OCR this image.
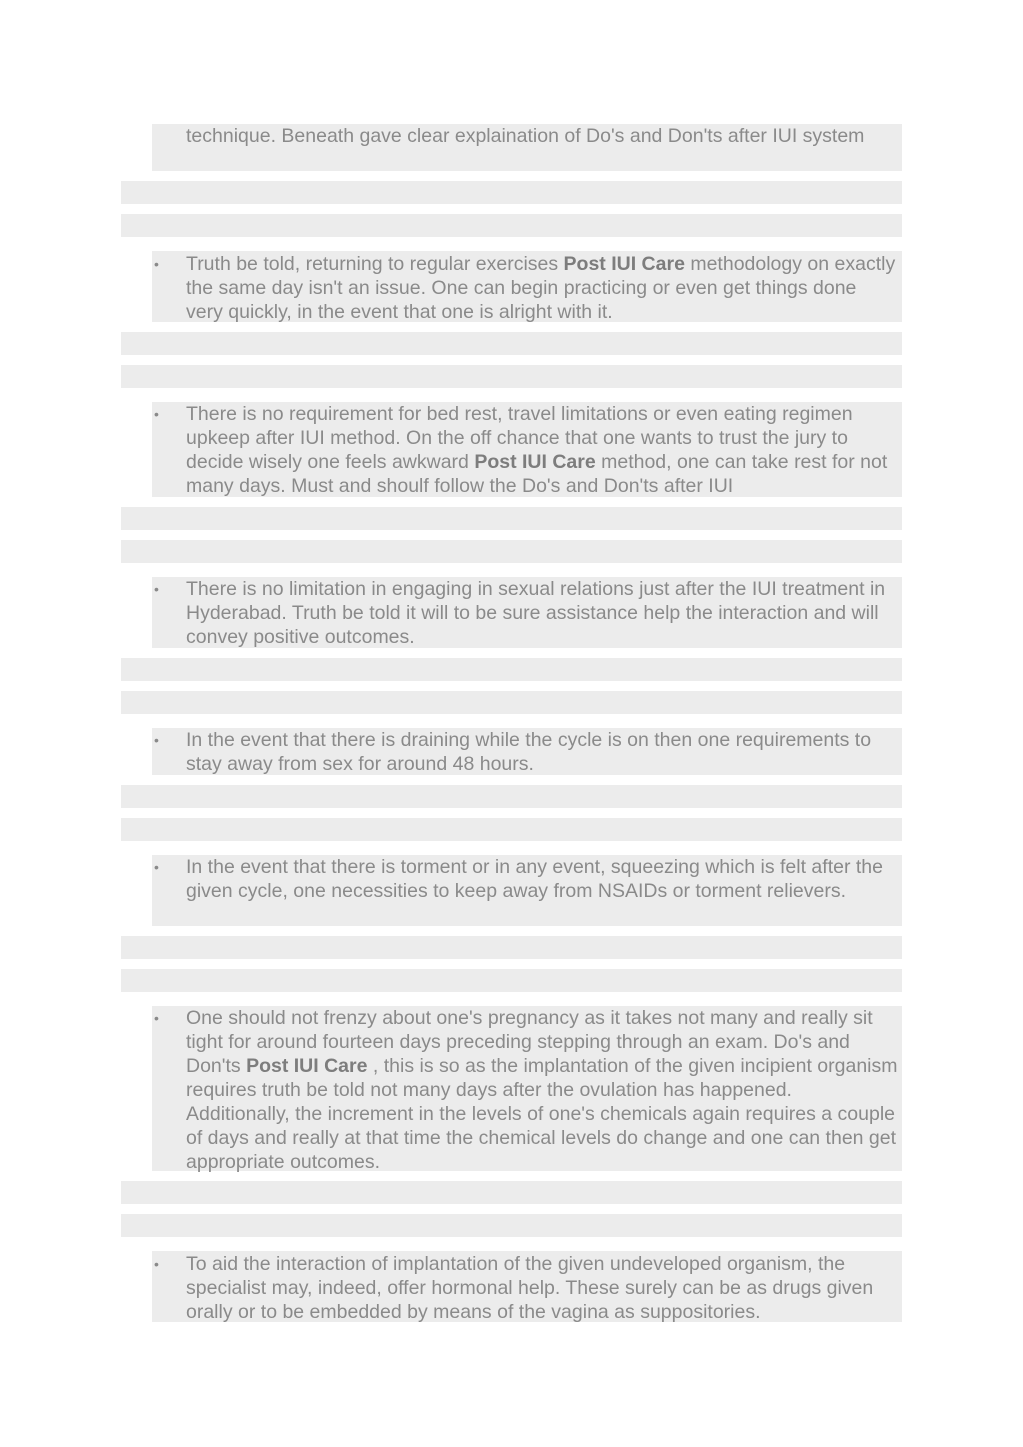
technique. Beneath gave clear explaination of Do's and Don'ts after IUI system

• Truth be told, returning to regular exercises Post IUI Care methodology on exactly the same day isn't an issue. One can begin practicing or even get things done very quickly, in the event that one is alright with it.

• There is no requirement for bed rest, travel limitations or even eating regimen upkeep after IUI method. On the off chance that one wants to trust the jury to decide wisely one feels awkward Post IUI Care method, one can take rest for not many days. Must and shoulf follow the Do's and Don'ts after IUI

• There is no limitation in engaging in sexual relations just after the IUI treatment in Hyderabad. Truth be told it will to be sure assistance help the interaction and will convey positive outcomes.

• In the event that there is draining while the cycle is on then one requirements to stay away from sex for around 48 hours.

• In the event that there is torment or in any event, squeezing which is felt after the given cycle, one necessities to keep away from NSAIDs or torment relievers.

• One should not frenzy about one's pregnancy as it takes not many and really sit tight for around fourteen days preceding stepping through an exam. Do's and Don'ts Post IUI Care , this is so as the implantation of the given incipient organism requires truth be told not many days after the ovulation has happened. Additionally, the increment in the levels of one's chemicals again requires a couple of days and really at that time the chemical levels do change and one can then get appropriate outcomes.

• To aid the interaction of implantation of the given undeveloped organism, the specialist may, indeed, offer hormonal help. These surely can be as drugs given orally or to be embedded by means of the vagina as suppositories.
